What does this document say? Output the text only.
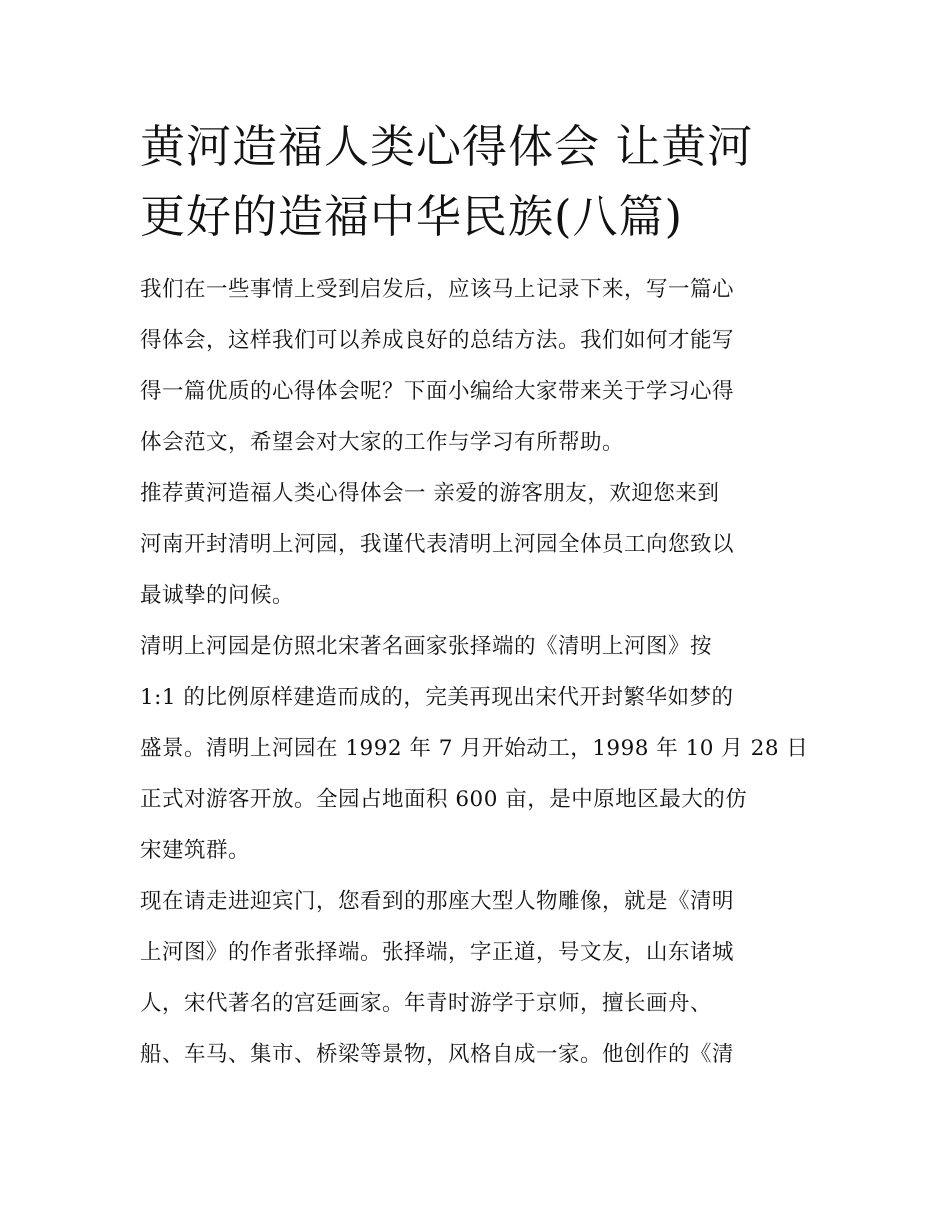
黄河造福人类心得体会 让黄河
更好的造福中华民族(八篇)

我们在一些事情上受到启发后，应该马上记录下来，写一篇心
得体会，这样我们可以养成良好的总结方法。我们如何才能写
得一篇优质的心得体会呢？下面小编给大家带来关于学习心得
体会范文，希望会对大家的工作与学习有所帮助。

推荐黄河造福人类心得体会一 亲爱的游客朋友，欢迎您来到
河南开封清明上河园，我谨代表清明上河园全体员工向您致以
最诚挚的问候。

清明上河园是仿照北宋著名画家张择端的《清明上河图》按
1:1 的比例原样建造而成的，完美再现出宋代开封繁华如梦的
盛景。清明上河园在 1992 年 7 月开始动工，1998 年 10 月 28 日
正式对游客开放。全园占地面积 600 亩，是中原地区最大的仿
宋建筑群。

现在请走进迎宾门，您看到的那座大型人物雕像，就是《清明
上河图》的作者张择端。张择端，字正道，号文友，山东诸城
人，宋代著名的宫廷画家。年青时游学于京师，擅长画舟、
船、车马、集市、桥梁等景物，风格自成一家。他创作的《清
